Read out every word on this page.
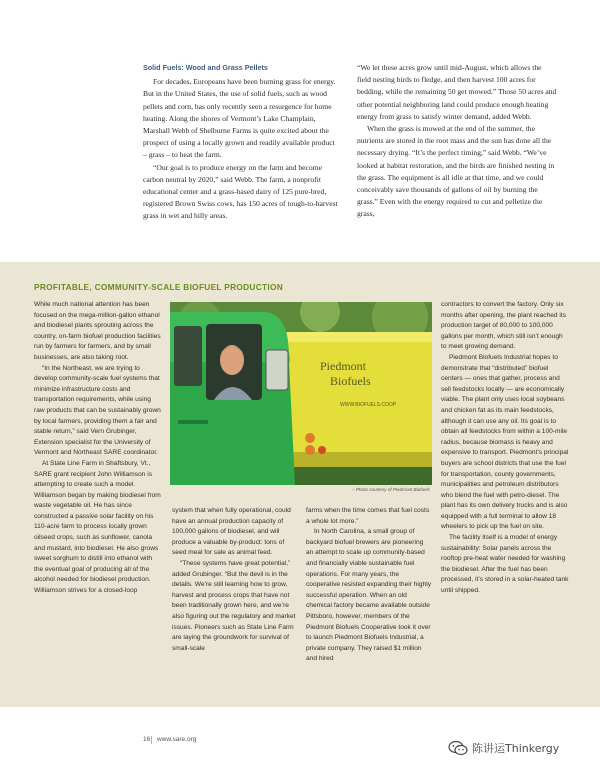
Solid Fuels: Wood and Grass Pellets

For decades, Europeans have been burning grass for energy. But in the United States, the use of solid fuels, such as wood pellets and corn, has only recently seen a resurgence for home heating. Along the shores of Vermont’s Lake Champlain, Marshall Webb of Shelburne Farms is quite excited about the prospect of using a locally grown and readily available product – grass – to heat the farm.

“Our goal is to produce energy on the farm and become carbon neutral by 2020,” said Webb. The farm, a nonprofit educational center and a grass-based dairy of 125 pure-bred, registered Brown Swiss cows, has 150 acres of tough-to-harvest grass in wet and hilly areas.

“We let these acres grow until mid-August, which allows the field nesting birds to fledge, and then harvest 100 acres for bedding, while the remaining 50 get mowed.” Those 50 acres and other potential neighboring land could produce enough heating energy from grass to satisfy winter demand, added Webb.

When the grass is mowed at the end of the summer, the nutrients are stored in the root mass and the sun has done all the necessary drying. “It’s the perfect timing,” said Webb. “We’ve looked at habitat restoration, and the birds are finished nesting in the grass. The equipment is all idle at that time, and we could conceivably save thousands of gallons of oil by burning the grass.” Even with the energy required to cut and pelletize the grass,

PROFITABLE, COMMUNITY-SCALE BIOFUEL PRODUCTION

While much national attention has been focused on the mega-million-gallon ethanol and biodiesel plants sprouting across the country, on-farm biofuel production facilities run by farmers for farmers, and by small businesses, are also taking root.

“In the Northeast, we are trying to develop community-scale fuel systems that minimize infrastructure costs and transportation requirements, while using raw products that can be sustainably grown by local farmers, providing them a fair and stable return,” said Vern Grubinger, Extension specialist for the University of Vermont and Northeast SARE coordinator.

At State Line Farm in Shaftsbury, Vt., SARE grant recipient John Williamson is attempting to create such a model. Williamson began by making biodiesel from waste vegetable oil. He has since constructed a passive solar facility on his 110-acre farm to process locally grown oilseed crops, such as sunflower, canola and mustard, into biodiesel. He also grows sweet sorghum to distill into ethanol with the eventual goal of producing all of the alcohol needed for biodiesel production. Williamson strives for a closed-loop

Piedmont
Biofuels
WWW.BIOFUELS.COOP
– Photo courtesy of Piedmont Biofuels

system that when fully operational, could have an annual production capacity of 100,000 gallons of biodiesel, and will produce a valuable by-product: tons of seed meal for sale as animal feed.

“These systems have great potential,” added Grubinger. “But the devil is in the details. We’re still learning how to grow, harvest and process crops that have not been traditionally grown here, and we’re also figuring out the regulatory and market issues. Pioneers such as State Line Farm are laying the groundwork for survival of small-scale

farms when the time comes that fuel costs a whole lot more.”

In North Carolina, a small group of backyard biofuel brewers are pioneering an attempt to scale up community-based and financially viable sustainable fuel operations. For many years, the cooperative resisted expanding their highly successful operation. When an old chemical factory became available outside Pittsboro, however, members of the Piedmont Biofuels Cooperative took it over to launch Piedmont Biofuels Industrial, a private company. They raised $1 million and hired

contractors to convert the factory. Only six months after opening, the plant reached its production target of 80,000 to 100,000 gallons per month, which still isn’t enough to meet growing demand.

Piedmont Biofuels Industrial hopes to demonstrate that “distributed” biofuel centers — ones that gather, process and sell feedstocks locally — are economically viable. The plant only uses local soybeans and chicken fat as its main feedstocks, although it can use any oil. Its goal is to obtain all feedstocks from within a 100-mile radius, because biomass is heavy and expensive to transport. Piedmont’s principal buyers are school districts that use the fuel for transportation, county governments, municipalities and petroleum distributors who blend the fuel with petro-diesel. The plant has its own delivery trucks and is also equipped with a full terminal to allow 18 wheelers to pick up the fuel on site.

The facility itself is a model of energy sustainability: Solar panels across the rooftop pre-heat water needed for washing the biodiesel. After the fuel has been processed, it’s stored in a solar-heated tank until shipped.

16 www.sare.org
陈讲运Thinkergy
